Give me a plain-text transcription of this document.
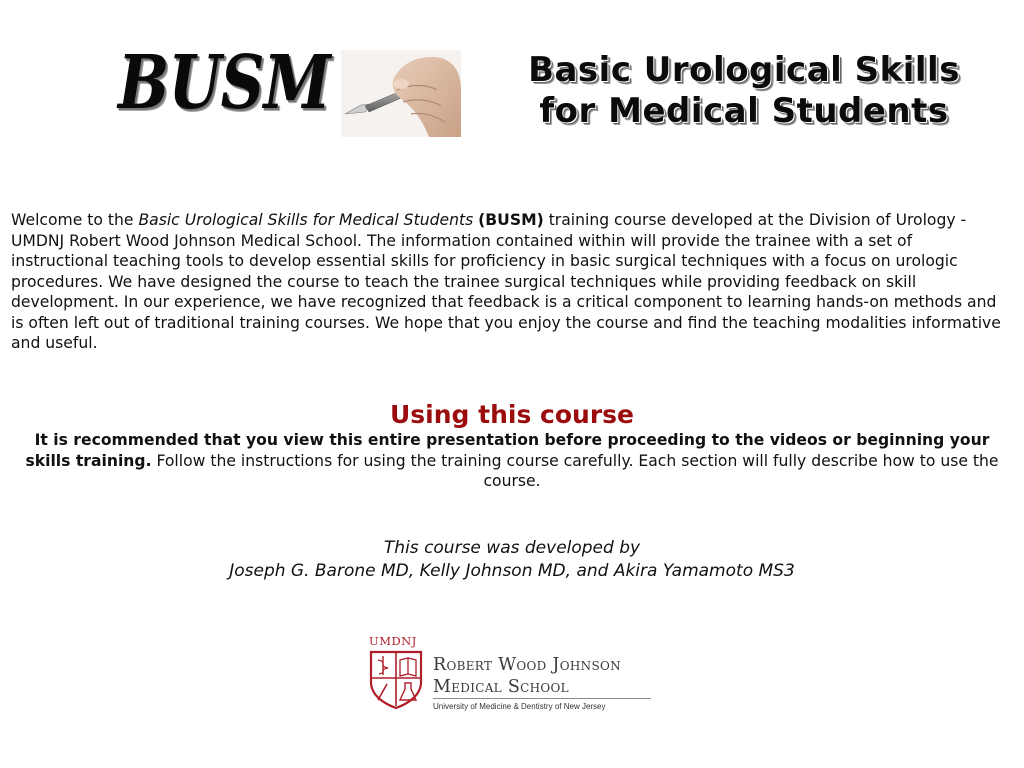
BUSM	Basic Urological Skills
for Medical Students
Welcome to the Basic Urological Skills for Medical Students (BUSM) training course developed at the Division of Urology - UMDNJ Robert Wood Johnson Medical School. The information contained within will provide the trainee with a set of instructional teaching tools to develop essential skills for proficiency in basic surgical techniques with a focus on urologic procedures. We have designed the course to teach the trainee surgical techniques while providing feedback on skill development. In our experience, we have recognized that feedback is a critical component to learning hands-on methods and is often left out of traditional training courses. We hope that you enjoy the course and find the teaching modalities informative and useful.
Using this course
It is recommended that you view this entire presentation before proceeding to the videos or beginning your skills training. Follow the instructions for using the training course carefully. Each section will fully describe how to use the course.
This course was developed by
Joseph G. Barone MD, Kelly Johnson MD, and Akira Yamamoto MS3
UMDNJ
Robert Wood Johnson
Medical School
University of Medicine & Dentistry of New Jersey
